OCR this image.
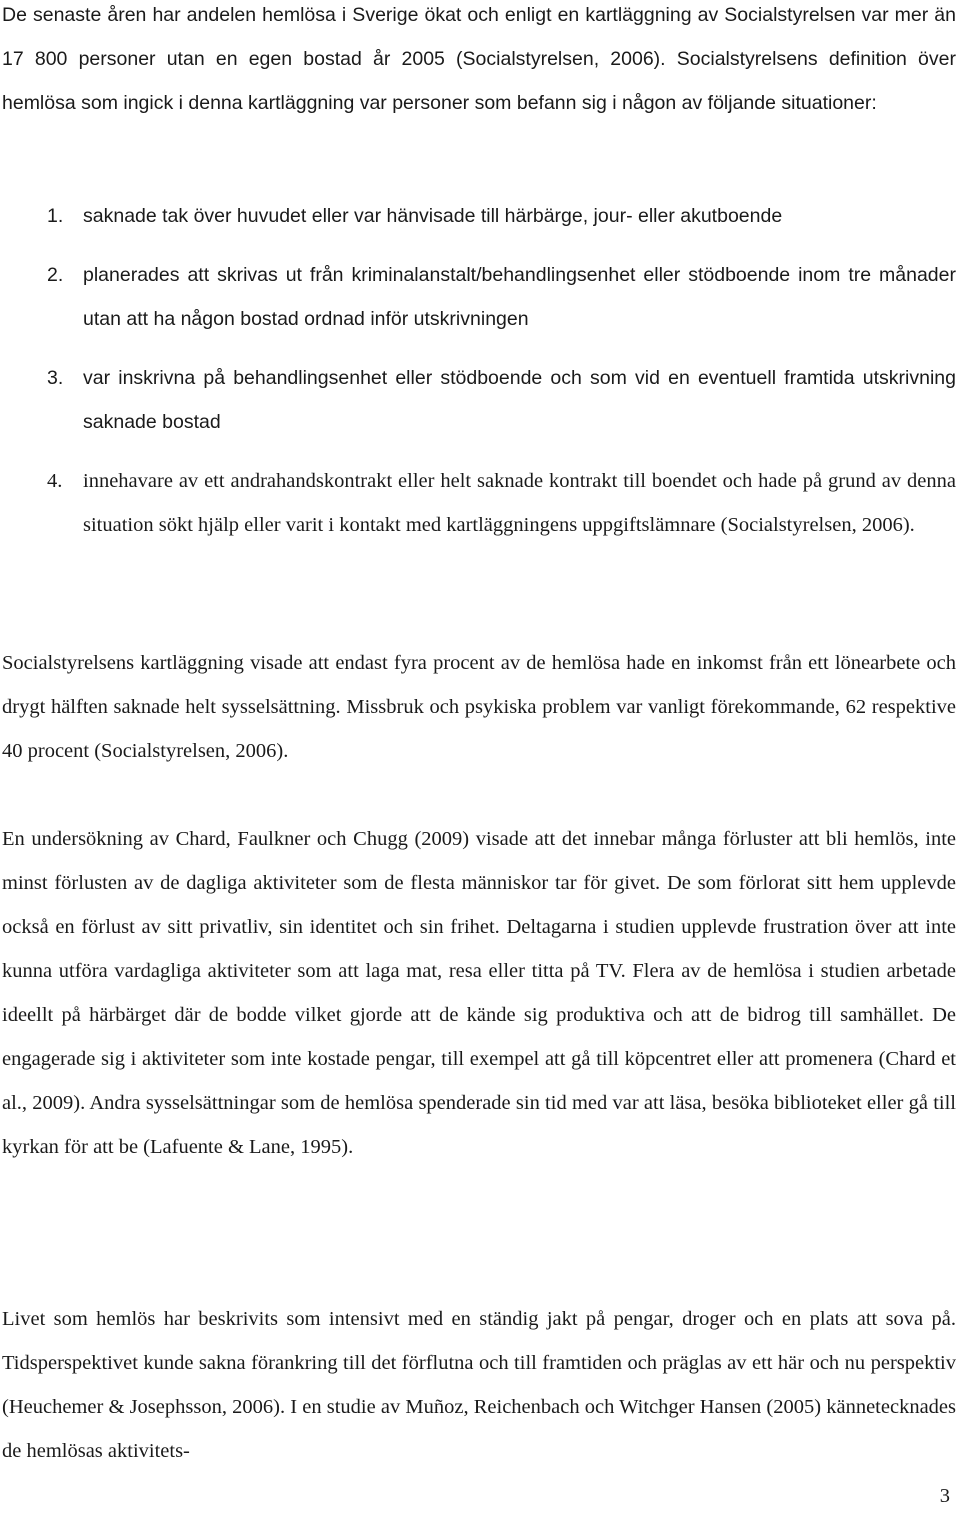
De senaste åren har andelen hemlösa i Sverige ökat och enligt en kartläggning av Socialstyrelsen var mer än 17 800 personer utan en egen bostad år 2005 (Socialstyrelsen, 2006). Socialstyrelsens definition över hemlösa som ingick i denna kartläggning var personer som befann sig i någon av följande situationer:

1. saknade tak över huvudet eller var hänvisade till härbärge, jour- eller akutboende
2. planerades att skrivas ut från kriminalanstalt/behandlingsenhet eller stödboende inom tre månader utan att ha någon bostad ordnad inför utskrivningen
3. var inskrivna på behandlingsenhet eller stödboende och som vid en eventuell framtida utskrivning saknade bostad
4. innehavare av ett andrahandskontrakt eller helt saknade kontrakt till boendet och hade på grund av denna situation sökt hjälp eller varit i kontakt med kartläggningens uppgiftslämnare (Socialstyrelsen, 2006).

Socialstyrelsens kartläggning visade att endast fyra procent av de hemlösa hade en inkomst från ett lönearbete och drygt hälften saknade helt sysselsättning. Missbruk och psykiska problem var vanligt förekommande, 62 respektive 40 procent (Socialstyrelsen, 2006).

En undersökning av Chard, Faulkner och Chugg (2009) visade att det innebar många förluster att bli hemlös, inte minst förlusten av de dagliga aktiviteter som de flesta människor tar för givet. De som förlorat sitt hem upplevde också en förlust av sitt privatliv, sin identitet och sin frihet. Deltagarna i studien upplevde frustration över att inte kunna utföra vardagliga aktiviteter som att laga mat, resa eller titta på TV. Flera av de hemlösa i studien arbetade ideellt på härbärget där de bodde vilket gjorde att de kände sig produktiva och att de bidrog till samhället. De engagerade sig i aktiviteter som inte kostade pengar, till exempel att gå till köpcentret eller att promenera (Chard et al., 2009). Andra sysselsättningar som de hemlösa spenderade sin tid med var att läsa, besöka biblioteket eller gå till kyrkan för att be (Lafuente & Lane, 1995).

Livet som hemlös har beskrivits som intensivt med en ständig jakt på pengar, droger och en plats att sova på. Tidsperspektivet kunde sakna förankring till det förflutna och till framtiden och präglas av ett här och nu perspektiv (Heuchemer & Josephsson, 2006). I en studie av Muñoz, Reichenbach och Witchger Hansen (2005) kännetecknades de hemlösas aktivitets-

3
